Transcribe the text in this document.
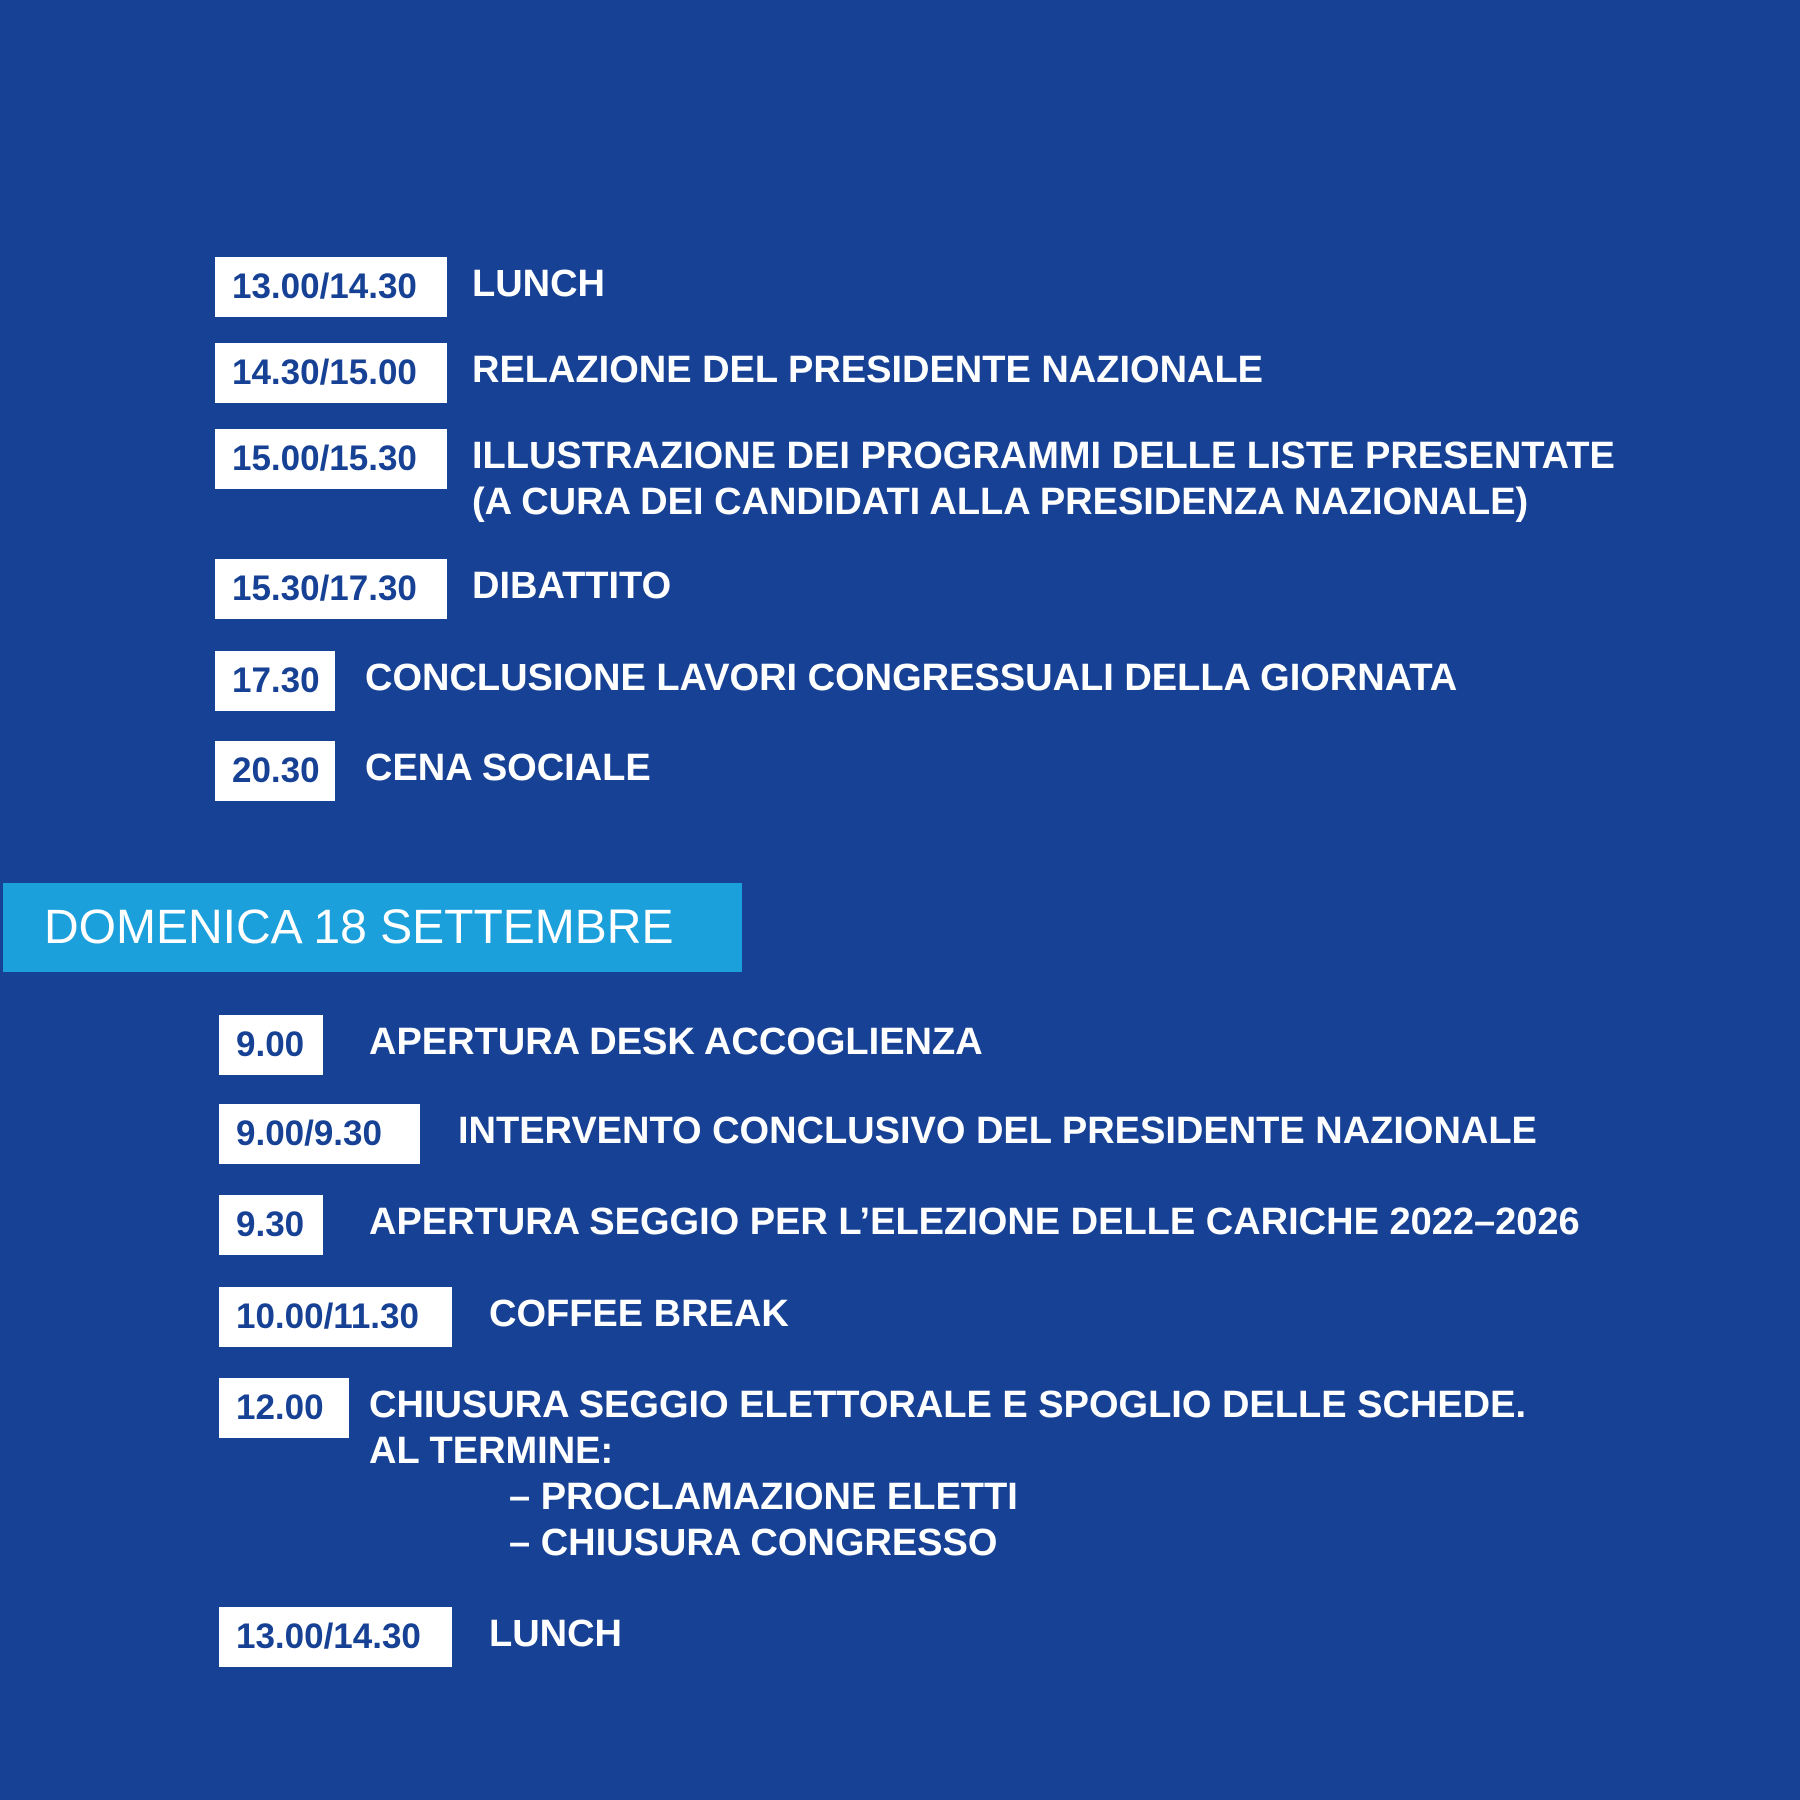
13.00/14.30	LUNCH
14.30/15.00	RELAZIONE DEL PRESIDENTE NAZIONALE
15.00/15.30	ILLUSTRAZIONE DEI PROGRAMMI DELLE LISTE PRESENTATE
(A CURA DEI CANDIDATI ALLA PRESIDENZA NAZIONALE)
15.30/17.30	DIBATTITO
17.30	CONCLUSIONE LAVORI CONGRESSUALI DELLA GIORNATA
20.30	CENA SOCIALE
DOMENICA 18 SETTEMBRE
9.00	APERTURA DESK ACCOGLIENZA
9.00/9.30	INTERVENTO CONCLUSIVO DEL PRESIDENTE NAZIONALE
9.30	APERTURA SEGGIO PER L’ELEZIONE DELLE CARICHE 2022–2026
10.00/11.30	COFFEE BREAK
12.00	CHIUSURA SEGGIO ELETTORALE E SPOGLIO DELLE SCHEDE.
AL TERMINE:
– PROCLAMAZIONE ELETTI
– CHIUSURA CONGRESSO
13.00/14.30	LUNCH
